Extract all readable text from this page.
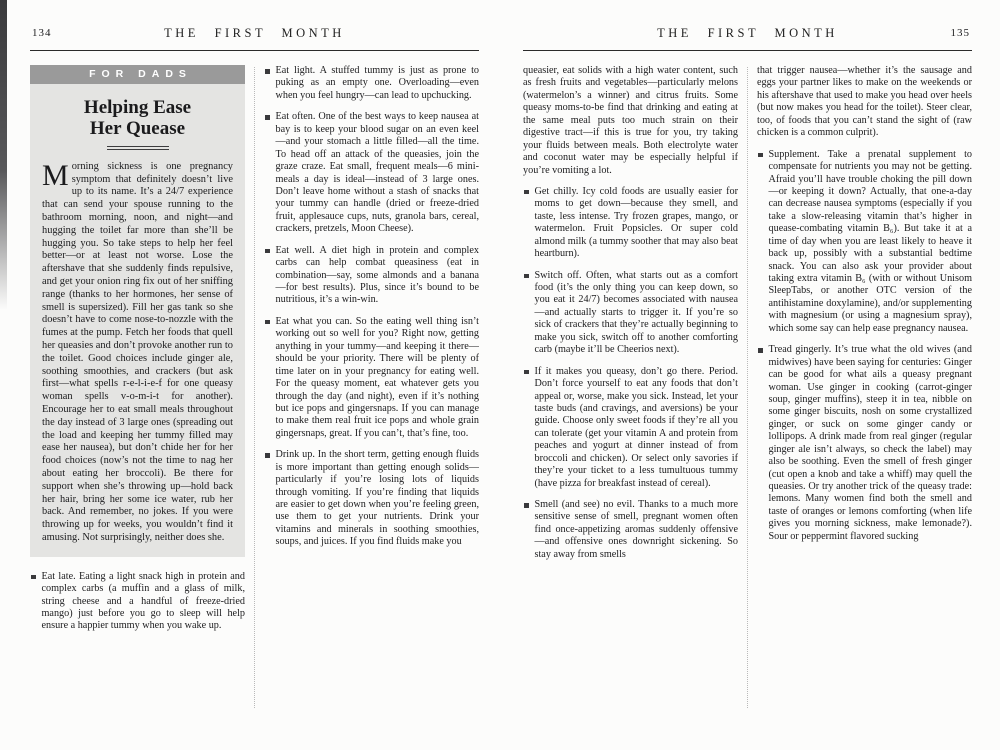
134	THE FIRST MONTH
FOR DADS
Helping Ease
Her Quease
Morning sickness is one pregnancy symptom that definitely doesn’t live up to its name. It’s a 24/7 experience that can send your spouse running to the bathroom morning, noon, and night—and hugging the toilet far more than she’ll be hugging you. So take steps to help her feel better—or at least not worse. Lose the aftershave that she suddenly finds repulsive, and get your onion ring fix out of her sniffing range (thanks to her hormones, her sense of smell is supersized). Fill her gas tank so she doesn’t have to come nose-to-nozzle with the fumes at the pump. Fetch her foods that quell her queasies and don’t provoke another run to the toilet. Good choices include ginger ale, soothing smoothies, and crackers (but ask first—what spells r-e-l-i-e-f for one queasy woman spells v-o-m-i-t for another). Encourage her to eat small meals throughout the day instead of 3 large ones (spreading out the load and keeping her tummy filled may ease her nausea), but don’t chide her for her food choices (now’s not the time to nag her about eating her broccoli). Be there for support when she’s throwing up—hold back her hair, bring her some ice water, rub her back. And remember, no jokes. If you were throwing up for weeks, you wouldn’t find it amusing. Not surprisingly, neither does she.
Eat late. Eating a light snack high in protein and complex carbs (a muffin and a glass of milk, string cheese and a handful of freeze-dried mango) just before you go to sleep will help ensure a happier tummy when you wake up.
Eat light. A stuffed tummy is just as prone to puking as an empty one. Overloading—even when you feel hungry—can lead to upchucking.
Eat often. One of the best ways to keep nausea at bay is to keep your blood sugar on an even keel—and your stomach a little filled—all the time. To head off an attack of the queasies, join the graze craze. Eat small, frequent meals—6 mini-meals a day is ideal—instead of 3 large ones. Don’t leave home without a stash of snacks that your tummy can handle (dried or freeze-dried fruit, applesauce cups, nuts, granola bars, cereal, crackers, pretzels, Moon Cheese).
Eat well. A diet high in protein and complex carbs can help combat queasiness (eat in combination—say, some almonds and a banana—for best results). Plus, since it’s bound to be nutritious, it’s a win-win.
Eat what you can. So the eating well thing isn’t working out so well for you? Right now, getting anything in your tummy—and keeping it there—should be your priority. There will be plenty of time later on in your pregnancy for eating well. For the queasy moment, eat whatever gets you through the day (and night), even if it’s nothing but ice pops and gingersnaps. If you can manage to make them real fruit ice pops and whole grain gingersnaps, great. If you can’t, that’s fine, too.
Drink up. In the short term, getting enough fluids is more important than getting enough solids—particularly if you’re losing lots of liquids through vomiting. If you’re finding that liquids are easier to get down when you’re feeling green, use them to get your nutrients. Drink your vitamins and minerals in soothing smoothies, soups, and juices. If you find fluids make you
THE FIRST MONTH	135

queasier, eat solids with a high water content, such as fresh fruits and vegetables—particularly melons (watermelon’s a winner) and citrus fruits. Some queasy moms-to-be find that drinking and eating at the same meal puts too much strain on their digestive tract—if this is true for you, try taking your fluids between meals. Both electrolyte water and coconut water may be especially helpful if you’re vomiting a lot.

Get chilly. Icy cold foods are usually easier for moms to get down—because they smell, and taste, less intense. Try frozen grapes, mango, or watermelon. Fruit Popsicles. Or super cold almond milk (a tummy soother that may also beat heartburn).
Switch off. Often, what starts out as a comfort food (it’s the only thing you can keep down, so you eat it 24/7) becomes associated with nausea—and actually starts to trigger it. If you’re so sick of crackers that they’re actually beginning to make you sick, switch off to another comforting carb (maybe it’ll be Cheerios next).
If it makes you queasy, don’t go there. Period. Don’t force yourself to eat any foods that don’t appeal or, worse, make you sick. Instead, let your taste buds (and cravings, and aversions) be your guide. Choose only sweet foods if they’re all you can tolerate (get your vitamin A and protein from peaches and yogurt at dinner instead of from broccoli and chicken). Or select only savories if they’re your ticket to a less tumultuous tummy (have pizza for breakfast instead of cereal).
Smell (and see) no evil. Thanks to a much more sensitive sense of smell, pregnant women often find once-appetizing aromas suddenly offensive—and offensive ones downright sickening. So stay away from smells

that trigger nausea—whether it’s the sausage and eggs your partner likes to make on the weekends or his aftershave that used to make you head over heels (but now makes you head for the toilet). Steer clear, too, of foods that you can’t stand the sight of (raw chicken is a common culprit).

Supplement. Take a prenatal supplement to compensate for nutrients you may not be getting. Afraid you’ll have trouble choking the pill down—or keeping it down? Actually, that one-a-day can decrease nausea symptoms (especially if you take a slow-releasing vitamin that’s higher in quease-combating vitamin B₆). But take it at a time of day when you are least likely to heave it back up, possibly with a substantial bedtime snack. You can also ask your provider about taking extra vitamin B₆ (with or without Unisom SleepTabs, or another OTC version of the antihistamine doxylamine), and/or supplementing with magnesium (or using a magnesium spray), which some say can help ease pregnancy nausea.
Tread gingerly. It’s true what the old wives (and midwives) have been saying for centuries: Ginger can be good for what ails a queasy pregnant woman. Use ginger in cooking (carrot-ginger soup, ginger muffins), steep it in tea, nibble on some ginger biscuits, nosh on some crystallized ginger, or suck on some ginger candy or lollipops. A drink made from real ginger (regular ginger ale isn’t always, so check the label) may also be soothing. Even the smell of fresh ginger (cut open a knob and take a whiff) may quell the queasies. Or try another trick of the queasy trade: lemons. Many women find both the smell and taste of oranges or lemons comforting (when life gives you morning sickness, make lemonade?). Sour or peppermint flavored sucking
